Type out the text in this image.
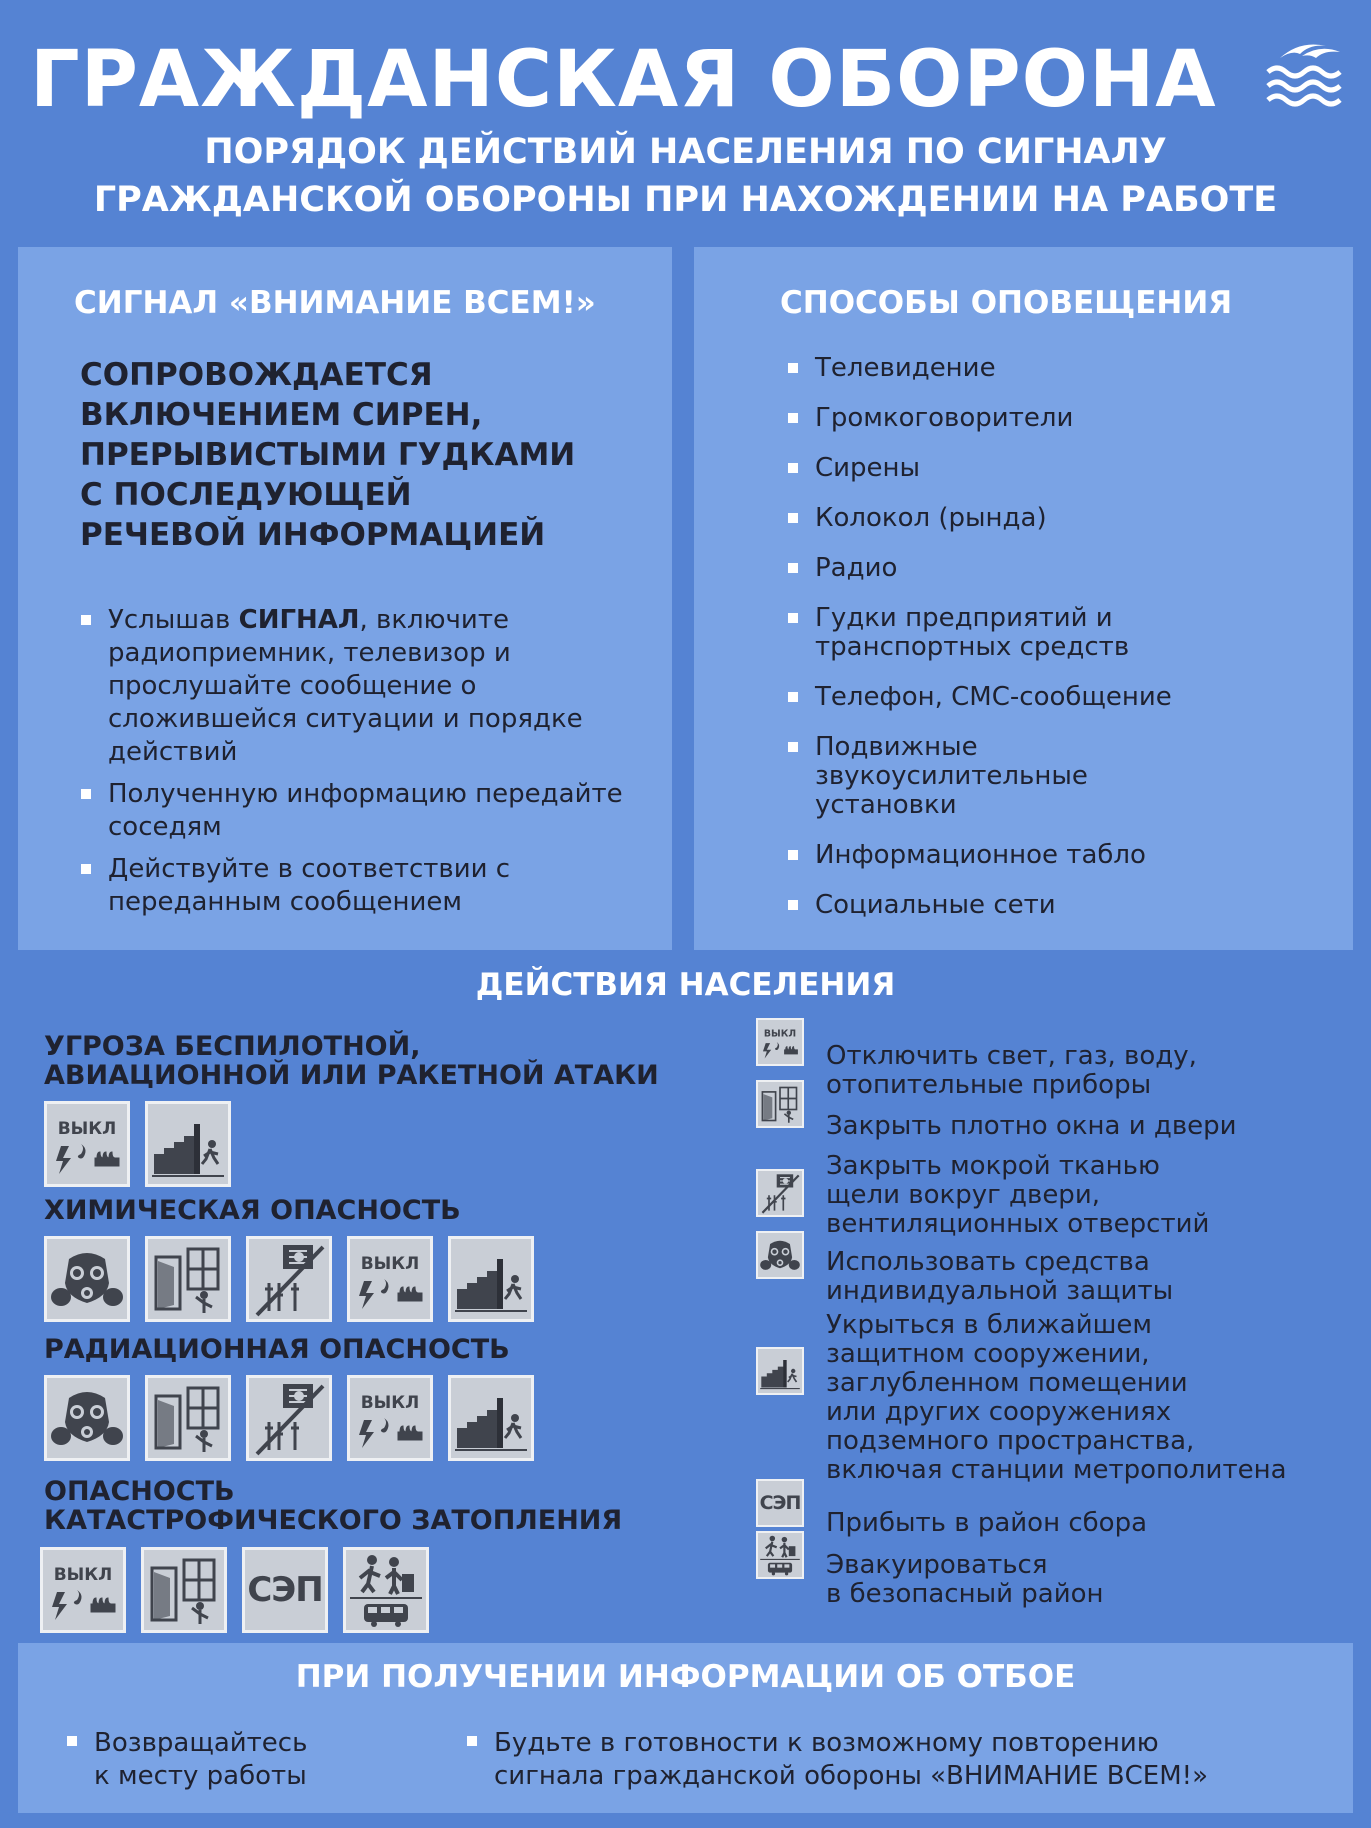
ГРАЖДАНСКАЯ ОБОРОНА
ПОРЯДОК ДЕЙСТВИЙ НАСЕЛЕНИЯ ПО СИГНАЛУ
ГРАЖДАНСКОЙ ОБОРОНЫ ПРИ НАХОЖДЕНИИ НА РАБОТЕ
СИГНАЛ «ВНИМАНИЕ ВСЕМ!»

СОПРОВОЖДАЕТСЯ
ВКЛЮЧЕНИЕМ СИРЕН,
ПРЕРЫВИСТЫМИ ГУДКАМИ
С ПОСЛЕДУЮЩЕЙ
РЕЧЕВОЙ ИНФОРМАЦИЕЙ

Услышав СИГНАЛ, включите радиоприемник, телевизор и прослушайте сообщение о сложившейся ситуации и порядке действий
Полученную информацию передайте соседям
Действуйте в соответствии с переданным сообщением
СПОСОБЫ ОПОВЕЩЕНИЯ
Телевидение
Громкоговорители
Сирены
Колокол (рында)
Радио
Гудки предприятий и транспортных средств
Телефон, СМС-сообщение
Подвижные звукоусилительные установки
Информационное табло
Социальные сети
ДЕЙСТВИЯ НАСЕЛЕНИЯ
УГРОЗА БЕСПИЛОТНОЙ,
АВИАЦИОННОЙ ИЛИ РАКЕТНОЙ АТАКИ
ХИМИЧЕСКАЯ ОПАСНОСТЬ
РАДИАЦИОННАЯ ОПАСНОСТЬ
ОПАСНОСТЬ
КАТАСТРОФИЧЕСКОГО ЗАТОПЛЕНИЯ
СЭП
Отключить свет, газ, воду,
отопительные приборы
Закрыть плотно окна и двери
Закрыть мокрой тканью
щели вокруг двери,
вентиляционных отверстий
Использовать средства
индивидуальной защиты
Укрыться в ближайшем
защитном сооружении,
заглубленном помещении
или других сооружениях
подземного пространства,
включая станции метрополитена
СЭП
Прибыть в район сбора
Эвакуироваться
в безопасный район
ПРИ ПОЛУЧЕНИИ ИНФОРМАЦИИ ОБ ОТБОЕ
Возвращайтесь
к месту работы
Будьте в готовности к возможному повторению
сигнала гражданской обороны «ВНИМАНИЕ ВСЕМ!»
